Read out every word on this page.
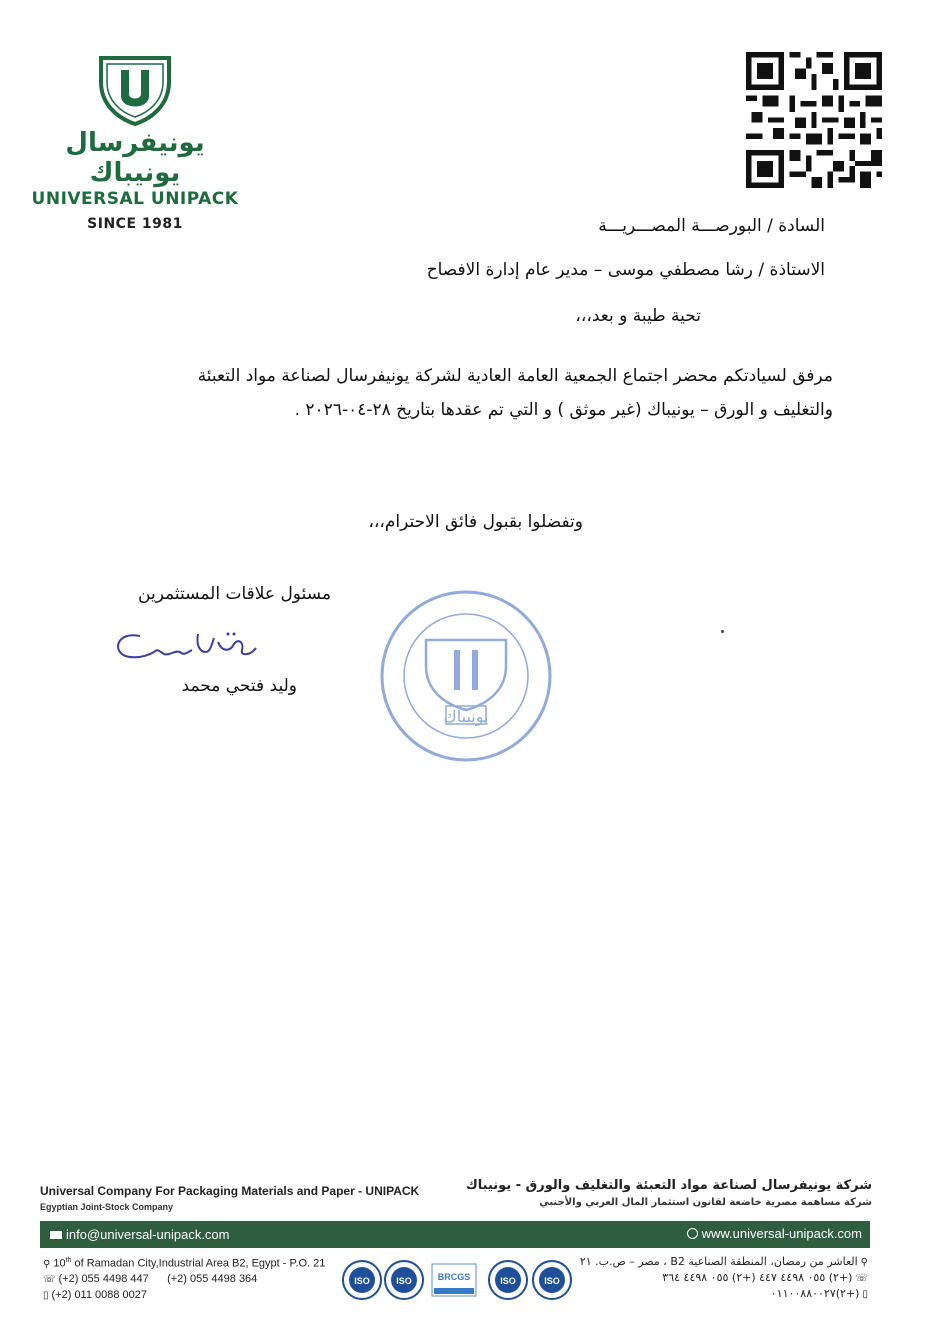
يونيفرسال يونيباك
UNIVERSAL UNIPACK
SINCE 1981	السادة / البورصـــة المصـــريـــة
الاستاذة / رشا مصطفي موسى – مدير عام إدارة الافصاح
تحية طيبة و بعد،،،
مرفق لسيادتكم محضر اجتماع الجمعية العامة العادية لشركة يونيفرسال لصناعة مواد التعبئة
والتغليف و الورق – يونيباك (غير موثق ) و التي تم عقدها بتاريخ ٢٨-٠٤-٢٠٢٦ .
وتفضلوا بقبول فائق الاحترام،،،
مسئول علاقات المستثمرين
وليد فتحي محمد
يونيباك
Universal Company For Packaging Materials and Paper - UNIPACK
Egyptian Joint-Stock Company
شركة يونيفرسال لصناعة مواد التعبئة والتغليف والورق - يونيباك
شركة مساهمة مصرية خاضعة لقانون استثمار المال العربي والأجنبي
info@universal-unipack.com	www.universal-unipack.com
⚲ 10th of Ramadan City,Industrial Area B2, Egypt - P.O. 21
☏ (+2) 055 4498 447 (+2) 055 4498 364
▯ (+2) 011 0088 0027
⚲العاشر من رمضان، المنطقة الصناعية B2 ، مصر – ص.ب. ٢١
☏(+٢) ٠٥٥ ٤٤٩٨ ٤٤٧ (+٢) ٠٥٥ ٤٤٩٨ ٣٦٤
▯(+٢)٠١١٠٠٨٨٠٠٢٧
ISO	ISO	BRCGS	ISO	ISO
